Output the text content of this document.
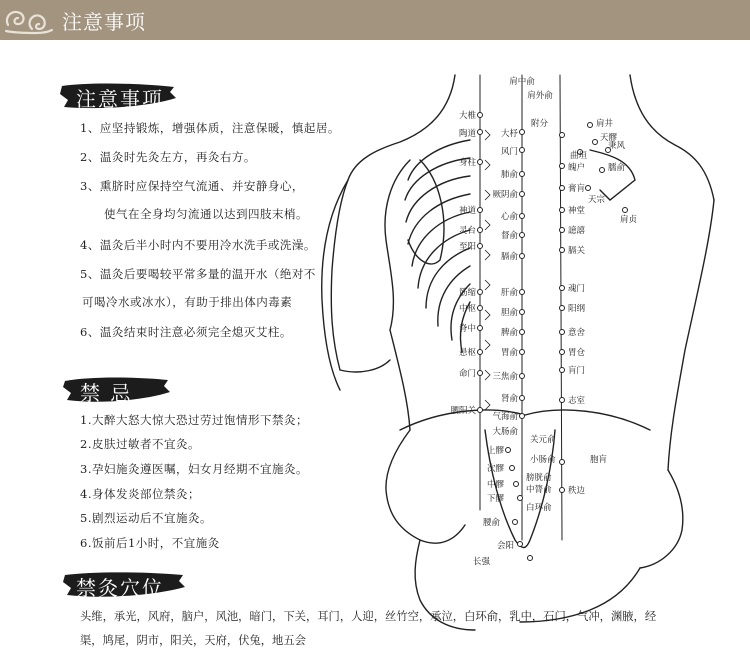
注意事项
注意事项
1、应坚持锻炼，增强体质，注意保暖，慎起居。
2、温灸时先灸左方，再灸右方。
3、熏脐时应保持空气流通、并安静身心，
使气在全身均匀流通以达到四肢末梢。
4、温灸后半小时内不要用冷水洗手或洗澡。
5、温灸后要喝较平常多量的温开水（绝对不
可喝冷水或冰水），有助于排出体内毒素
6、温灸结束时注意必须完全熄灭艾柱。
禁 忌
1.大醉大怒大惊大恐过劳过饱情形下禁灸；
2.皮肤过敏者不宜灸。
3.孕妇施灸遵医嘱，妇女月经期不宜施灸。
4.身体发炎部位禁灸；
5.剧烈运动后不宜施灸。
6.饭前后1小时，不宜施灸
禁灸穴位
头维，承光，风府，脑户，风池，暗门，下关，耳门，人迎，丝竹空，承泣，白环俞，乳中，石门，气冲，渊腋，经
渠，鸠尾，阴市，阳关，天府，伏兔，地五会
肩中俞
肩外俞
大椎
陶道
身柱
神道
灵台
至阳
筋缩
中枢
脊中
悬枢
命门
腰阳关
大杼
风门
肺俞
厥阴俞
心俞
督俞
膈俞
肝俞
胆俞
脾俞
胃俞
三焦俞
肾俞
气海俞
大肠俞
关元俞
小肠俞
膀胱俞
中膂俞
白环俞
附分
魄户
膏肓
神堂
譩譆
膈关
魂门
阳纲
意舍
胃仓
肓门
志室
胞肓
秩边
肩井
天髎
曲垣
秉风
臑俞
天宗
肩贞
上髎
次髎
中髎
下髎
腰俞
会阳
长强
